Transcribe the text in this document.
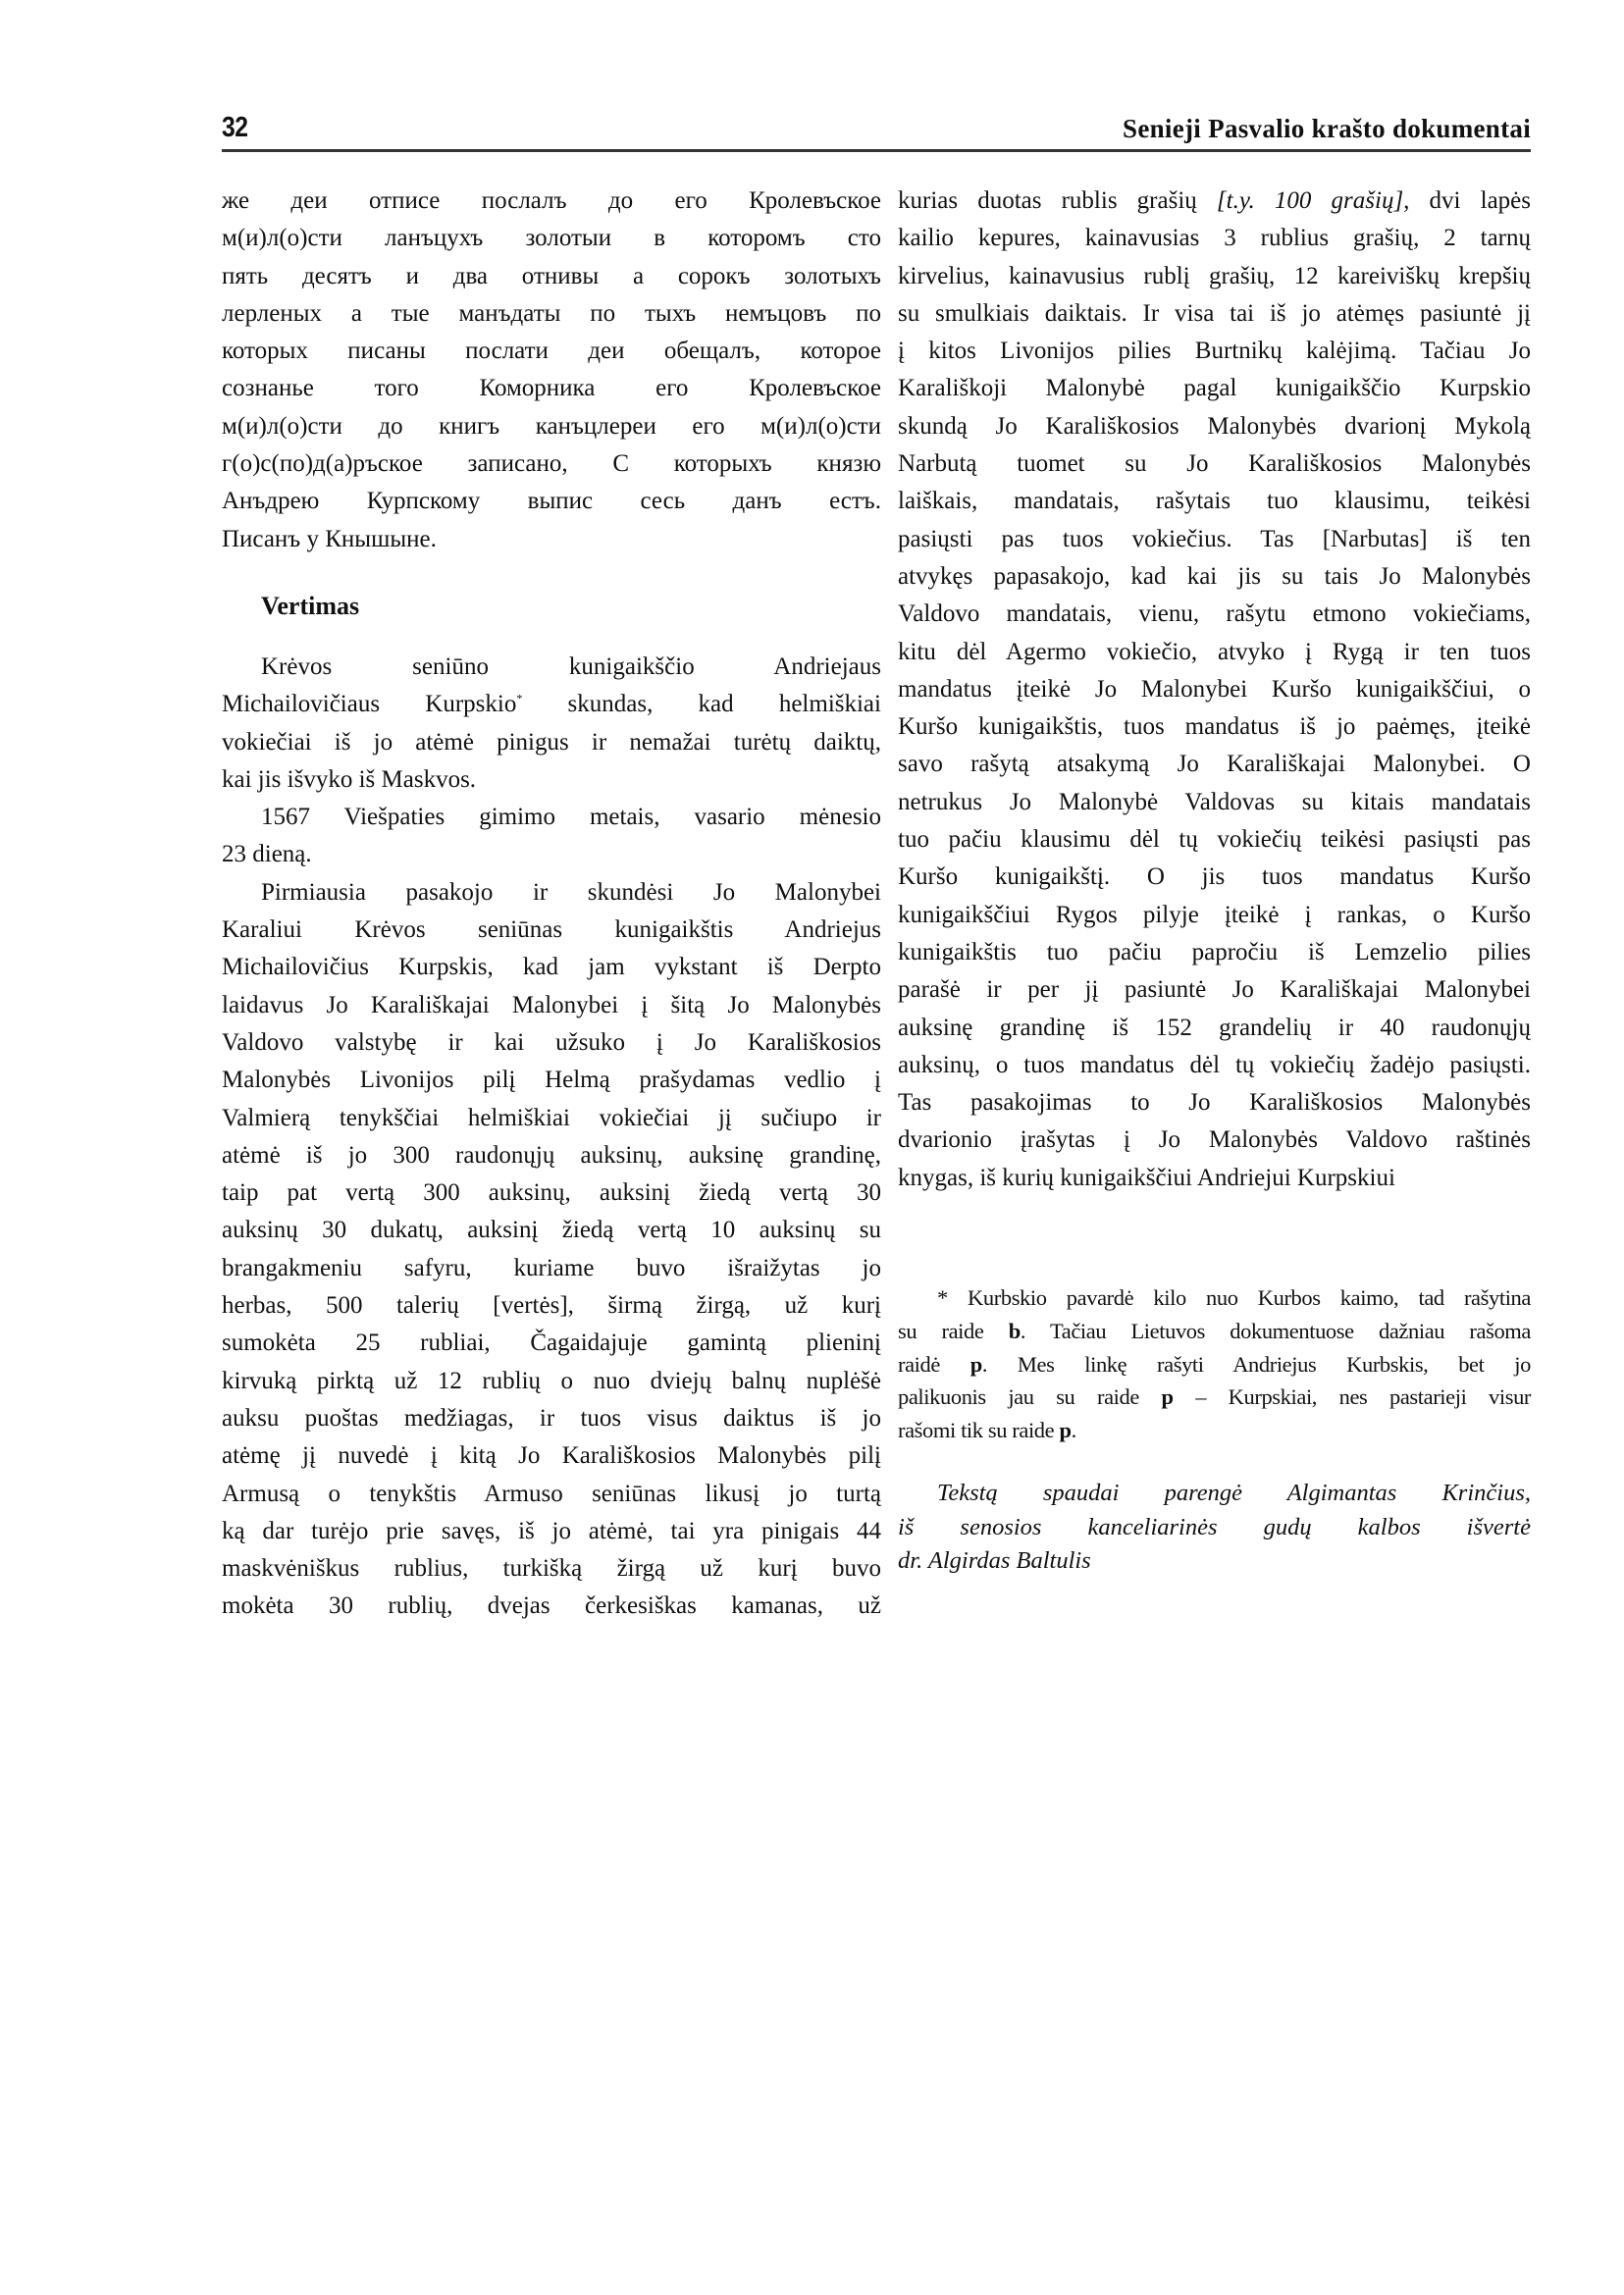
32	Senieji Pasvalio krašto dokumentai
же деи отписе послалъ до его Кролевъское
м(и)л(о)сти ланъцухъ золотыи в которомъ сто
пять десятъ и два отнивы а сорокъ золотыхъ
лерленых а тые манъдаты по тыхъ немъцовъ по
которых писаны послати деи обещалъ, которое
сознанье того Коморника его Кролевъское
м(и)л(о)сти до книгъ канъцлереи его м(и)л(о)сти
г(о)с(по)д(а)ръское записано, С которыхъ князю
Анъдрею Курпскому выпис сесь данъ естъ.
Писанъ у Кнышыне.
Vertimas
Krėvos seniūno kunigaikščio Andriejaus
Michailovičiaus Kurpskio* skundas, kad helmiškiai
vokiečiai iš jo atėmė pinigus ir nemažai turėtų daiktų,
kai jis išvyko iš Maskvos.
1567 Viešpaties gimimo metais, vasario mėnesio
23 dieną.
Pirmiausia pasakojo ir skundėsi Jo Malonybei
Karaliui Krėvos seniūnas kunigaikštis Andriejus
Michailovičius Kurpskis, kad jam vykstant iš Derpto
laidavus Jo Karališkajai Malonybei į šitą Jo Malonybės
Valdovo valstybę ir kai užsuko į Jo Karališkosios
Malonybės Livonijos pilį Helmą prašydamas vedlio į
Valmierą tenykščiai helmiškiai vokiečiai jį sučiupo ir
atėmė iš jo 300 raudonųjų auksinų, auksinę grandinę,
taip pat vertą 300 auksinų, auksinį žiedą vertą 30
auksinų 30 dukatų, auksinį žiedą vertą 10 auksinų su
brangakmeniu safyru, kuriame buvo išraižytas jo
herbas, 500 talerių [vertės], širmą žirgą, už kurį
sumokėta 25 rubliai, Čagaidajuje gamintą plieninį
kirvuką pirktą už 12 rublių o nuo dviejų balnų nuplėšė
auksu puoštas medžiagas, ir tuos visus daiktus iš jo
atėmę jį nuvedė į kitą Jo Karališkosios Malonybės pilį
Armusą o tenykštis Armuso seniūnas likusį jo turtą
ką dar turėjo prie savęs, iš jo atėmė, tai yra pinigais 44
maskvėniškus rublius, turkišką žirgą už kurį buvo
mokėta 30 rublių, dvejas čerkesiškas kamanas, už
kurias duotas rublis grašių [t.y. 100 grašių], dvi lapės
kailio kepures, kainavusias 3 rublius grašių, 2 tarnų
kirvelius, kainavusius rublį grašių, 12 kareiviškų krepšių
su smulkiais daiktais. Ir visa tai iš jo atėmęs pasiuntė jį
į kitos Livonijos pilies Burtnikų kalėjimą. Tačiau Jo
Karališkoji Malonybė pagal kunigaikščio Kurpskio
skundą Jo Karališkosios Malonybės dvarionį Mykolą
Narbutą tuomet su Jo Karališkosios Malonybės
laiškais, mandatais, rašytais tuo klausimu, teikėsi
pasiųsti pas tuos vokiečius. Tas [Narbutas] iš ten
atvykęs papasakojo, kad kai jis su tais Jo Malonybės
Valdovo mandatais, vienu, rašytu etmono vokiečiams,
kitu dėl Agermo vokiečio, atvyko į Rygą ir ten tuos
mandatus įteikė Jo Malonybei Kuršo kunigaikščiui, o
Kuršo kunigaikštis, tuos mandatus iš jo paėmęs, įteikė
savo rašytą atsakymą Jo Karališkajai Malonybei. O
netrukus Jo Malonybė Valdovas su kitais mandatais
tuo pačiu klausimu dėl tų vokiečių teikėsi pasiųsti pas
Kuršo kunigaikštį. O jis tuos mandatus Kuršo
kunigaikščiui Rygos pilyje įteikė į rankas, o Kuršo
kunigaikštis tuo pačiu papročiu iš Lemzelio pilies
parašė ir per jį pasiuntė Jo Karališkajai Malonybei
auksinę grandinę iš 152 grandelių ir 40 raudonųjų
auksinų, o tuos mandatus dėl tų vokiečių žadėjo pasiųsti.
Tas pasakojimas to Jo Karališkosios Malonybės
dvarionio įrašytas į Jo Malonybės Valdovo raštinės
knygas, iš kurių kunigaikščiui Andriejui Kurpskiui
* Kurbskio pavardė kilo nuo Kurbos kaimo, tad rašytina
su raide b. Tačiau Lietuvos dokumentuose dažniau rašoma
raidė p. Mes linkę rašyti Andriejus Kurbskis, bet jo
palikuonis jau su raide p – Kurpskiai, nes pastarieji visur
rašomi tik su raide p.
Tekstą spaudai parengė Algimantas Krinčius,
iš senosios kanceliarinės gudų kalbos išvertė
dr. Algirdas Baltulis
